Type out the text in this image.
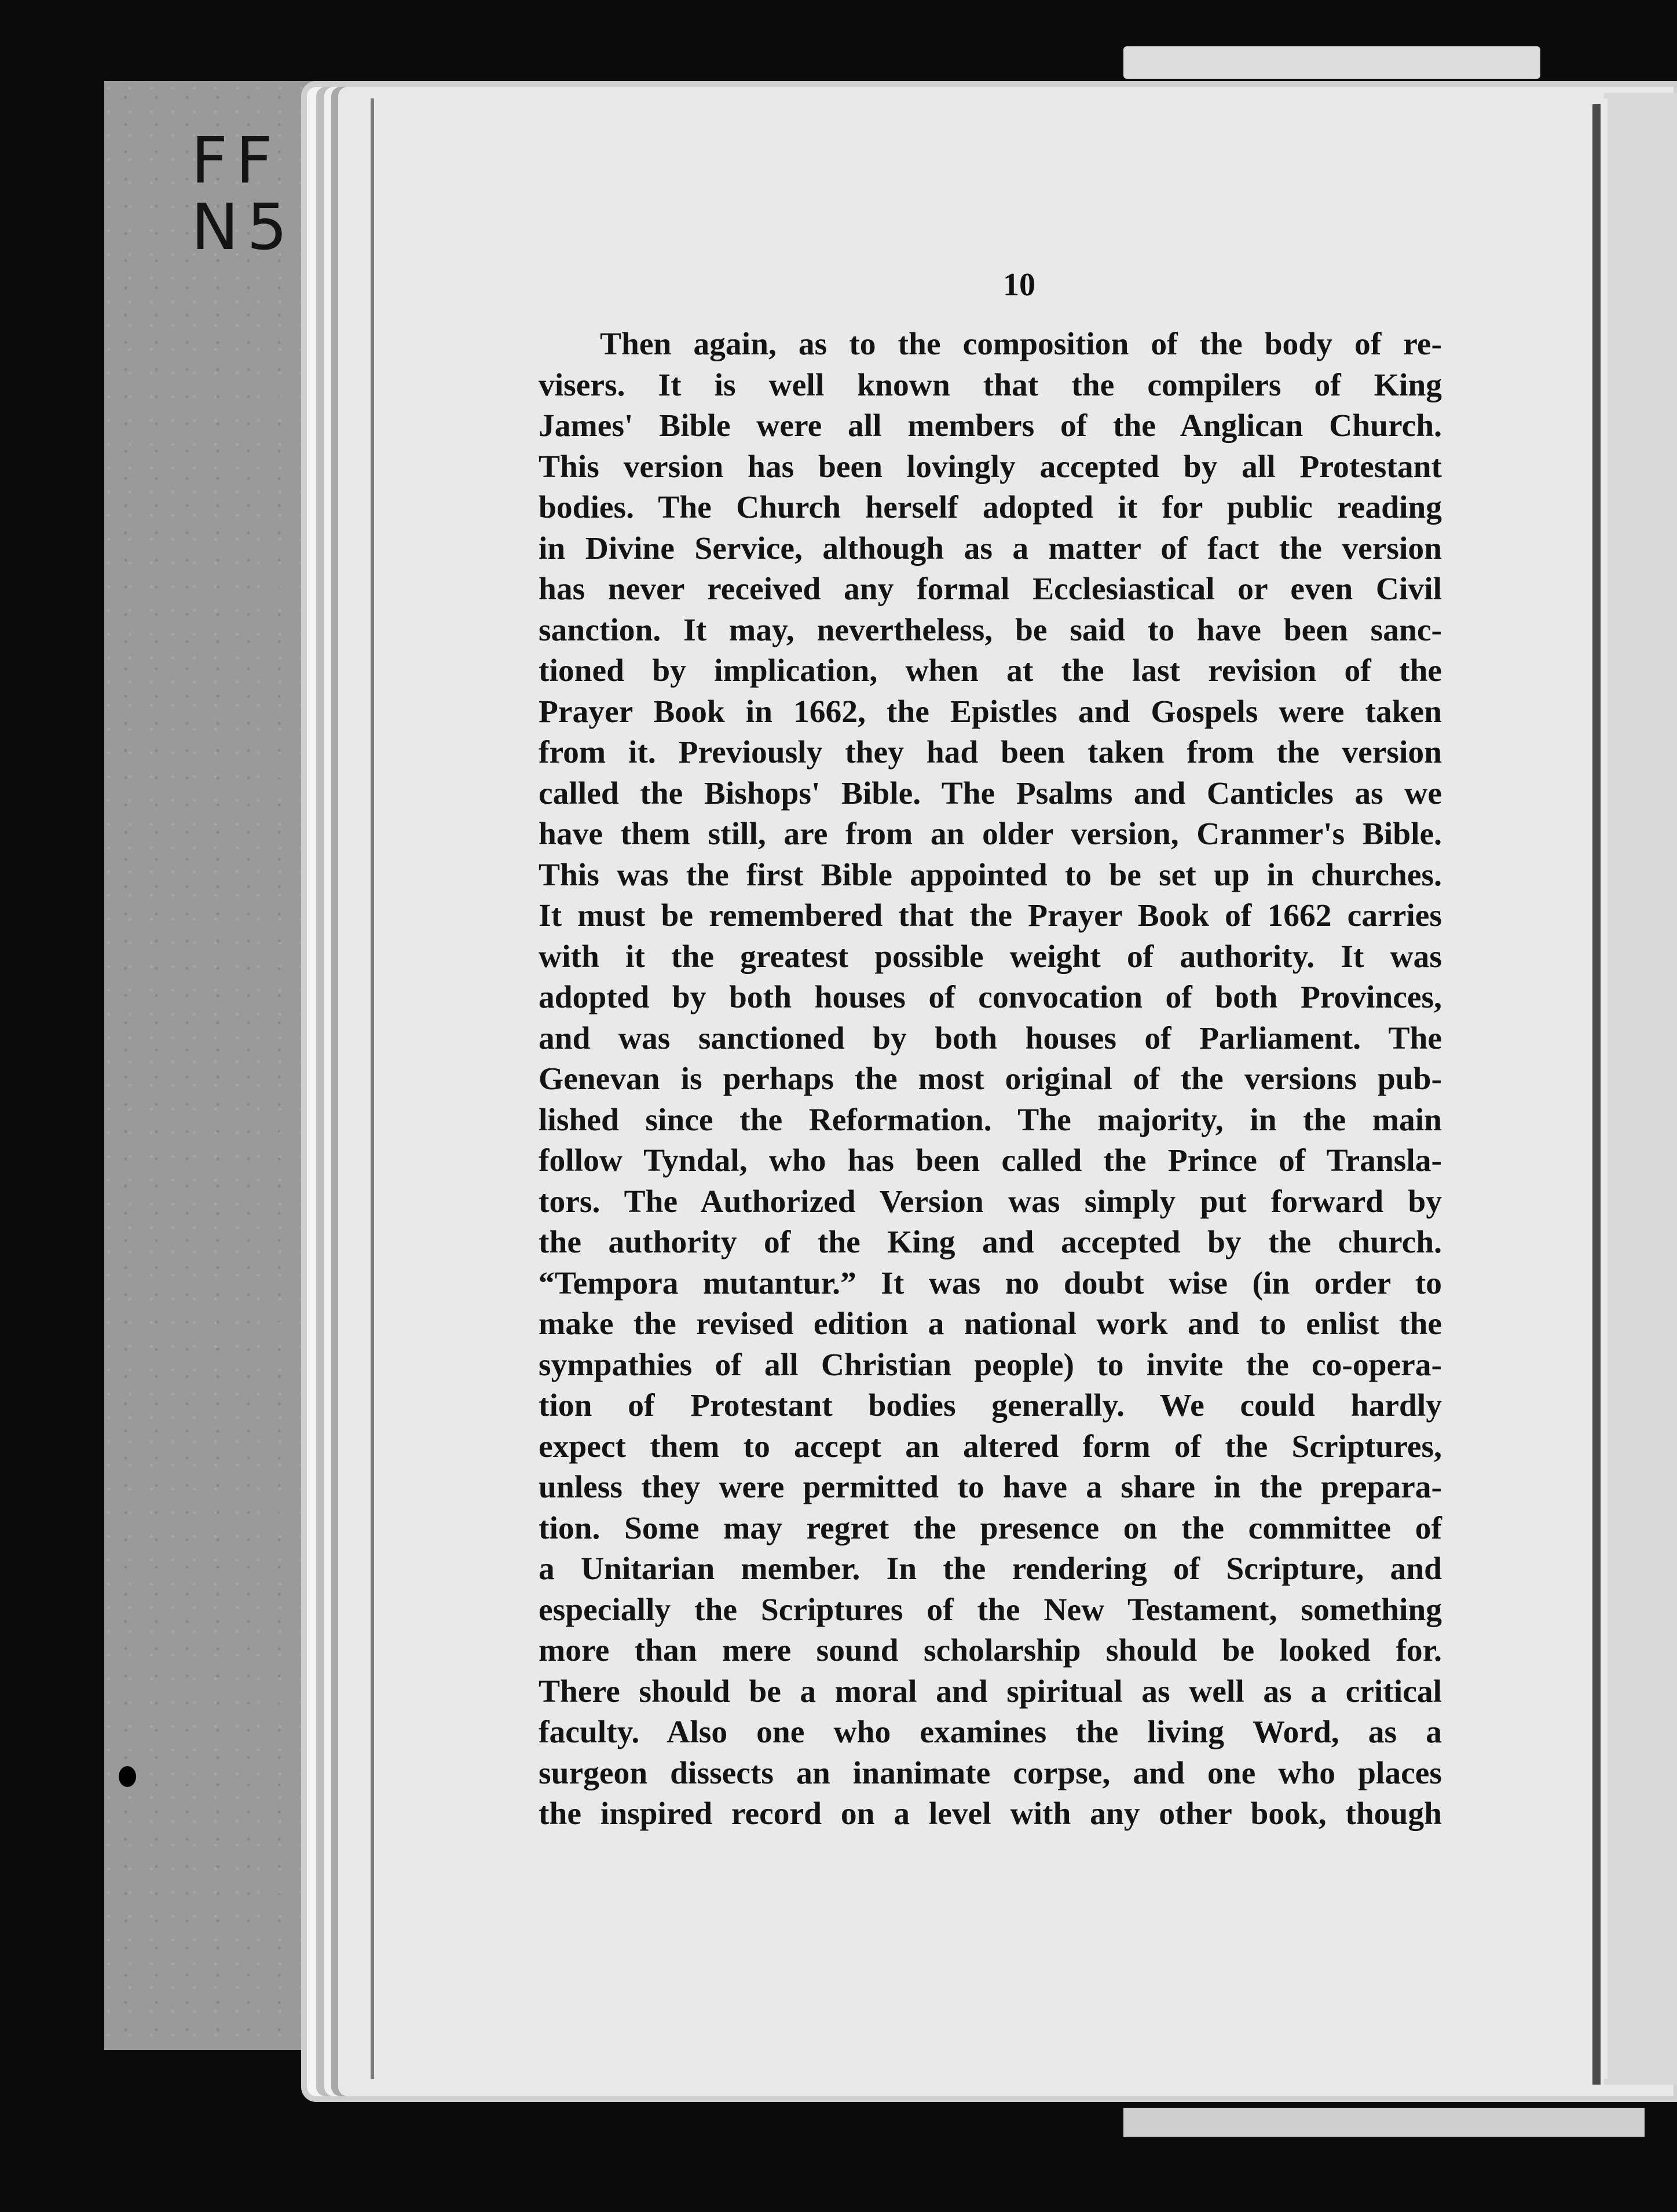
FF
N5
10
Then again, as to the composition of the body of re-
visers. It is well known that the compilers of King
James' Bible were all members of the Anglican Church.
This version has been lovingly accepted by all Protestant
bodies. The Church herself adopted it for public reading
in Divine Service, although as a matter of fact the version
has never received any formal Ecclesiastical or even Civil
sanction. It may, nevertheless, be said to have been sanc-
tioned by implication, when at the last revision of the
Prayer Book in 1662, the Epistles and Gospels were taken
from it. Previously they had been taken from the version
called the Bishops' Bible. The Psalms and Canticles as we
have them still, are from an older version, Cranmer's Bible.
This was the first Bible appointed to be set up in churches.
It must be remembered that the Prayer Book of 1662 carries
with it the greatest possible weight of authority. It was
adopted by both houses of convocation of both Provinces,
and was sanctioned by both houses of Parliament. The
Genevan is perhaps the most original of the versions pub-
lished since the Reformation. The majority, in the main
follow Tyndal, who has been called the Prince of Transla-
tors. The Authorized Version was simply put forward by
the authority of the King and accepted by the church.
“Tempora mutantur.” It was no doubt wise (in order to
make the revised edition a national work and to enlist the
sympathies of all Christian people) to invite the co-opera-
tion of Protestant bodies generally. We could hardly
expect them to accept an altered form of the Scriptures,
unless they were permitted to have a share in the prepara-
tion. Some may regret the presence on the committee of
a Unitarian member. In the rendering of Scripture, and
especially the Scriptures of the New Testament, something
more than mere sound scholarship should be looked for.
There should be a moral and spiritual as well as a critical
faculty. Also one who examines the living Word, as a
surgeon dissects an inanimate corpse, and one who places
the inspired record on a level with any other book, though
